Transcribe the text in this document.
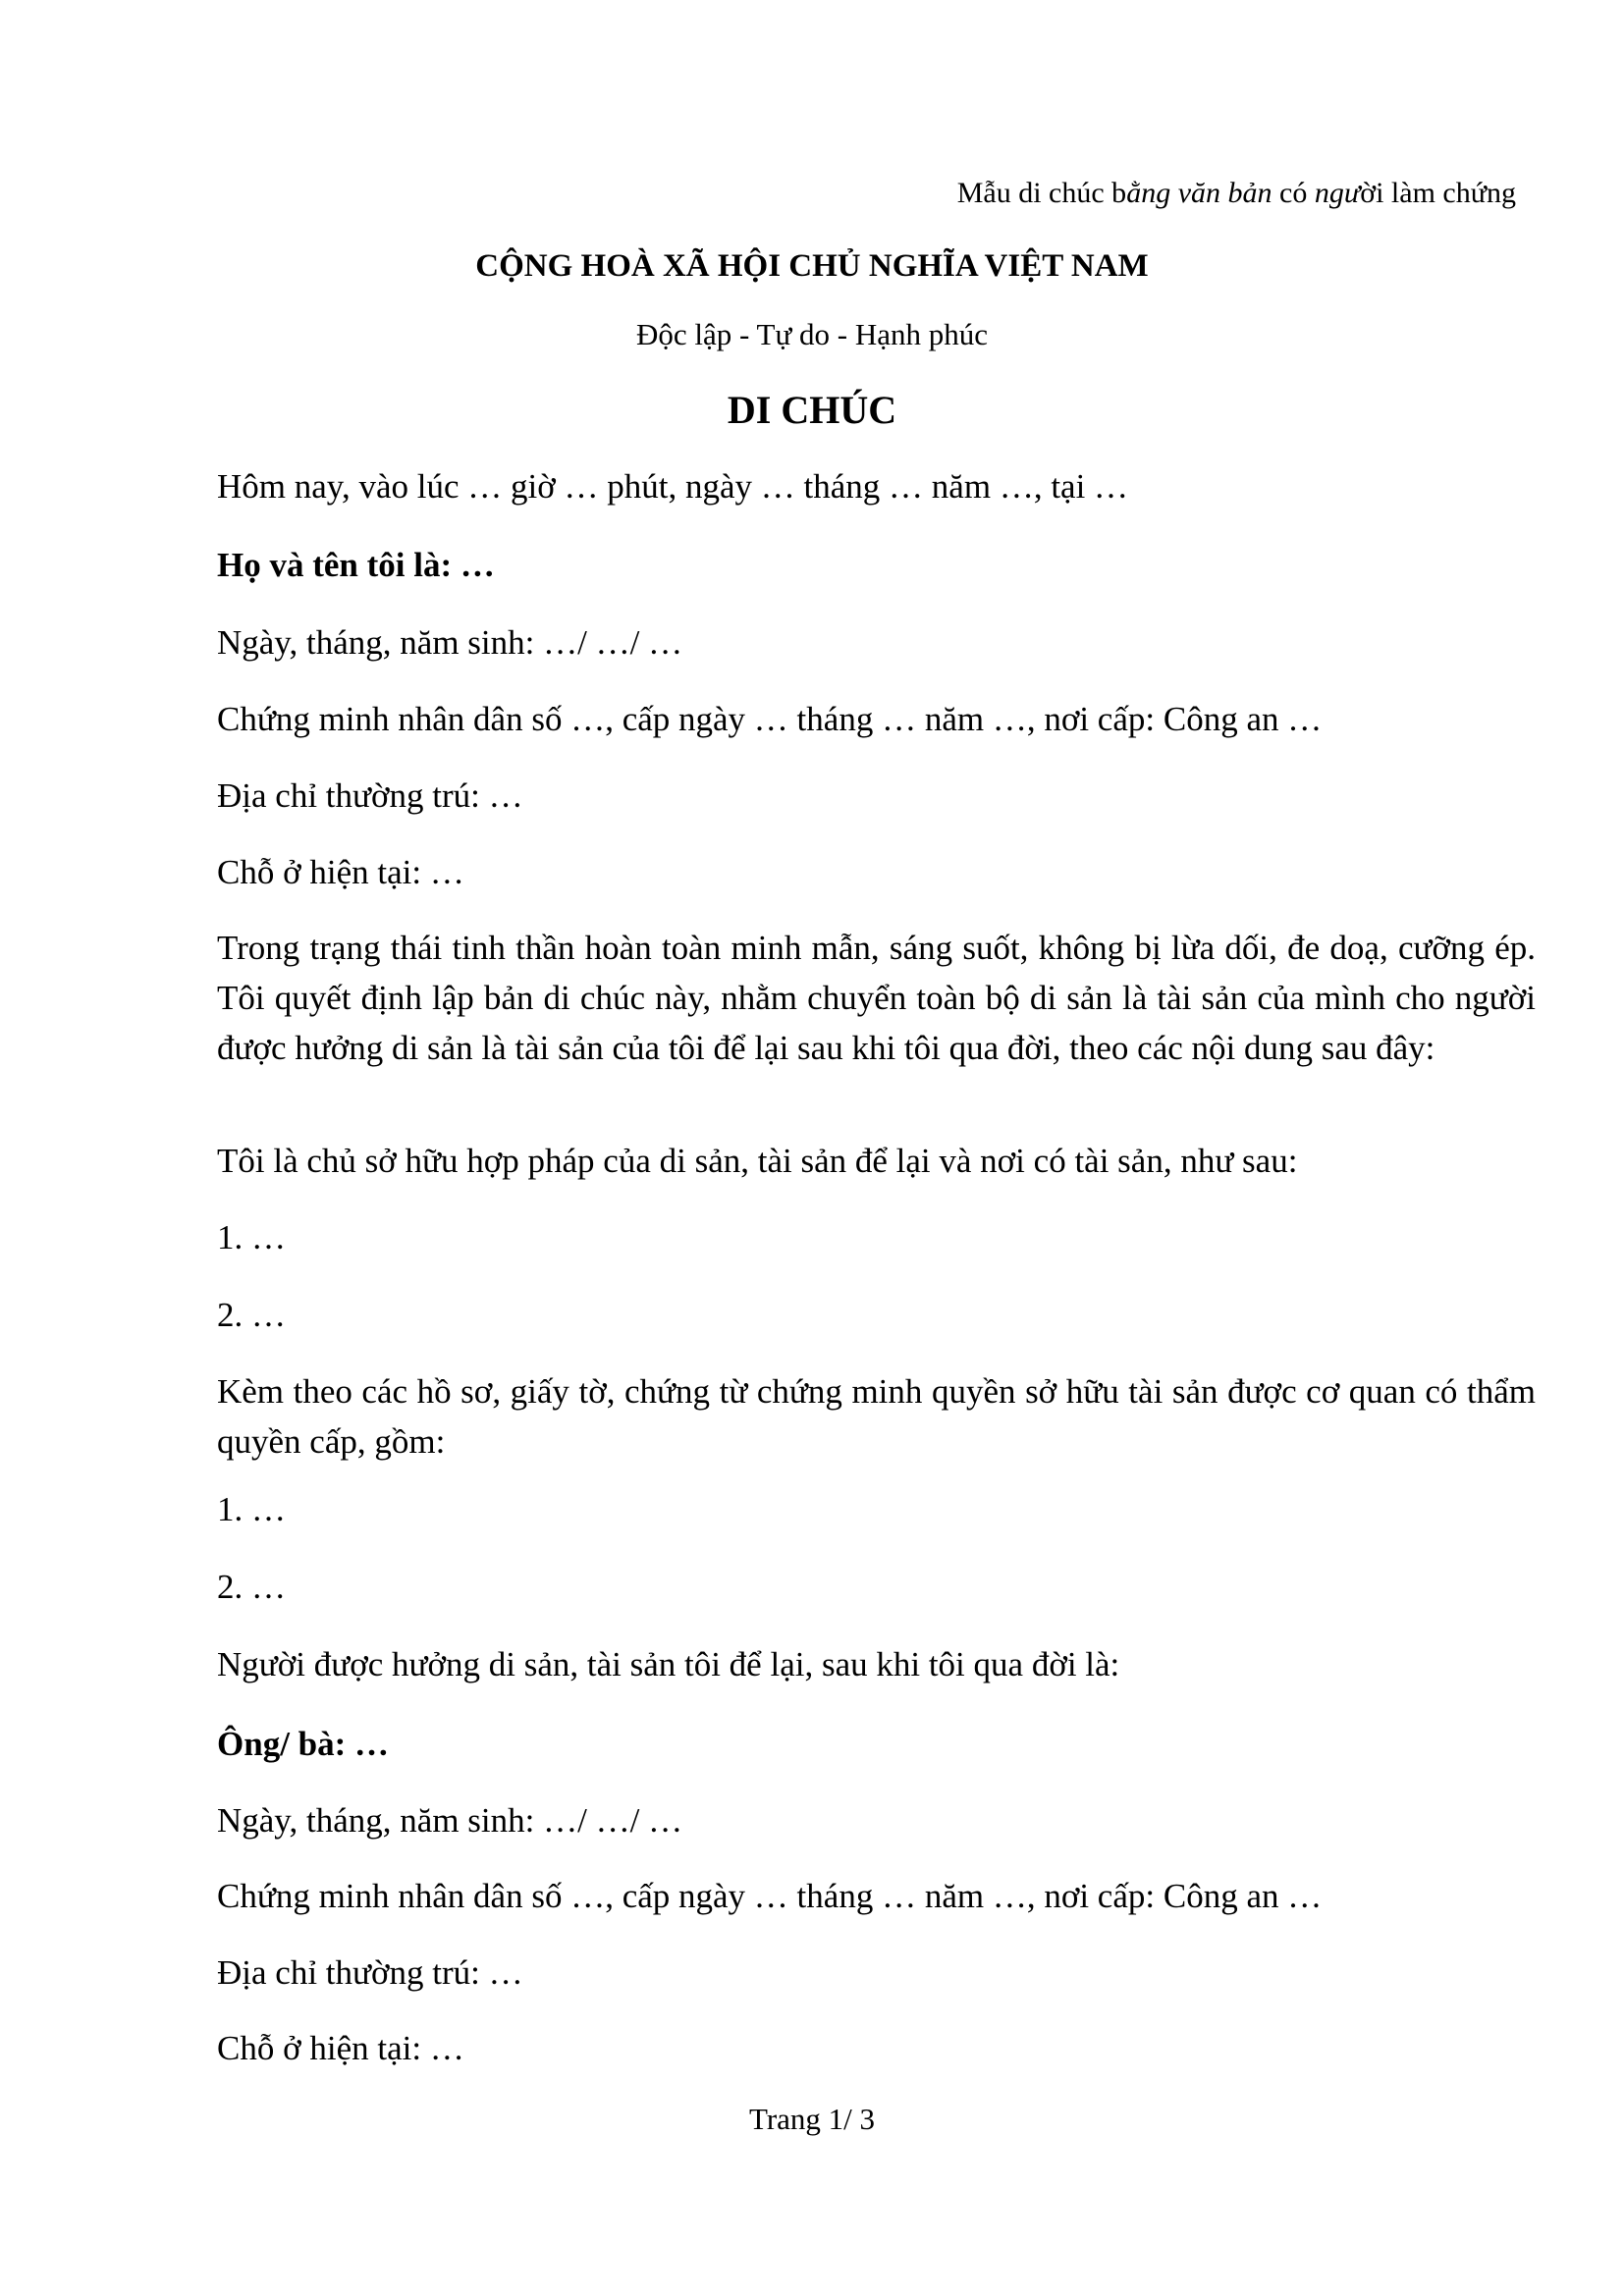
Mẫu di chúc bằng văn bản có người làm chứng
CỘNG HOÀ XÃ HỘI CHỦ NGHĨA VIỆT NAM
Độc lập - Tự do - Hạnh phúc
DI CHÚC
Hôm nay, vào lúc … giờ … phút, ngày … tháng … năm …, tại …
Họ và tên tôi là: …
Ngày, tháng, năm sinh: …/ …/ …
Chứng minh nhân dân số …, cấp ngày … tháng … năm …, nơi cấp: Công an …
Địa chỉ thường trú: …
Chỗ ở hiện tại: …
Trong trạng thái tinh thần hoàn toàn minh mẫn, sáng suốt, không bị lừa dối, đe doạ, cưỡng ép. Tôi quyết định lập bản di chúc này, nhằm chuyển toàn bộ di sản là tài sản của mình cho người được hưởng di sản là tài sản của tôi để lại sau khi tôi qua đời, theo các nội dung sau đây:
Tôi là chủ sở hữu hợp pháp của di sản, tài sản để lại và nơi có tài sản, như sau:
1. …
2. …
Kèm theo các hồ sơ, giấy tờ, chứng từ chứng minh quyền sở hữu tài sản được cơ quan có thẩm quyền cấp, gồm:
1. …
2. …
Người được hưởng di sản, tài sản tôi để lại, sau khi tôi qua đời là:
Ông/ bà: …
Ngày, tháng, năm sinh: …/ …/ …
Chứng minh nhân dân số …, cấp ngày … tháng … năm …, nơi cấp: Công an …
Địa chỉ thường trú: …
Chỗ ở hiện tại: …
Trang 1/ 3
